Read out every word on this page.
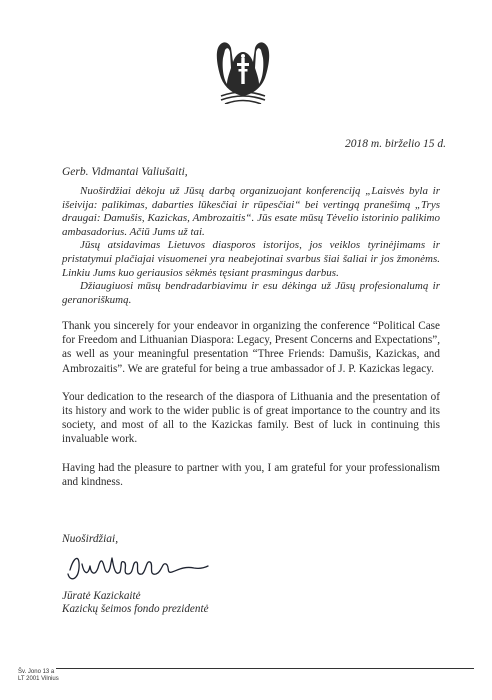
2018 m. birželio 15 d.
Gerb. Vidmantai Valiušaiti,

Nuoširdžiai dėkoju už Jūsų darbą organizuojant konferenciją „Laisvės byla ir išeivija: palikimas, dabarties lūkesčiai ir rūpesčiai“ bei vertingą pranešimą „Trys draugai: Damušis, Kazickas, Ambrozaitis“. Jūs esate mūsų Tėvelio istorinio palikimo ambasadorius. Ačiū Jums už tai.

Jūsų atsidavimas Lietuvos diasporos istorijos, jos veiklos tyrinėjimams ir pristatymui plačiajai visuomenei yra neabejotinai svarbus šiai šaliai ir jos žmonėms. Linkiu Jums kuo geriausios sėkmės tęsiant prasmingus darbus.

Džiaugiuosi mūsų bendradarbiavimu ir esu dėkinga už Jūsų profesionalumą ir geranoriškumą.

Thank you sincerely for your endeavor in organizing the conference “Political Case for Freedom and Lithuanian Diaspora: Legacy, Present Concerns and Expectations”, as well as your meaningful presentation “Three Friends: Damušis, Kazickas, and Ambrozaitis”. We are grateful for being a true ambassador of J. P. Kazickas legacy.

Your dedication to the research of the diaspora of Lithuania and the presentation of its history and work to the wider public is of great importance to the country and its society, and most of all to the Kazickas family. Best of luck in continuing this invaluable work.

Having had the pleasure to partner with you, I am grateful for your professionalism and kindness.

Nuoširdžiai,
Jūratė Kazickaitė
Kazickų šeimos fondo prezidentė
Šv. Jono 13 a
LT 2001 Vilnius
